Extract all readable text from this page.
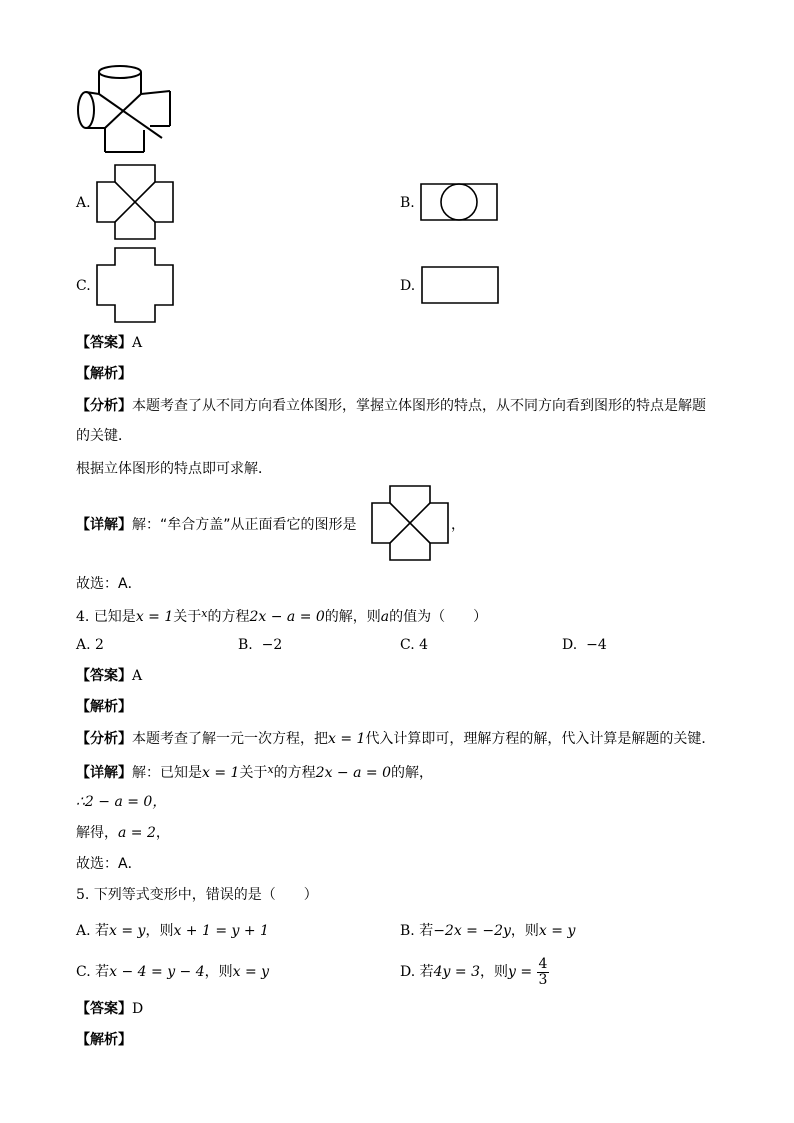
A.	B.
C.	D.
【答案】A
【解析】
【分析】本题考查了从不同方向看立体图形，掌握立体图形的特点，从不同方向看到图形的特点是解题
的关键．
根据立体图形的特点即可求解．
【详解】解：“牟合方盖”从正面看它的图形是	，
故选：A．
4. 已知是x = 1关于$^x$的方程2x − a = 0的解，则a的值为（　　）
A. 2	B. −2	C. 4	D. −4
【答案】A
【解析】
【分析】本题考查了解一元一次方程，把x = 1代入计算即可，理解方程的解，代入计算是解题的关键．
【详解】解：已知是x = 1关于$^x$的方程2x − a = 0的解，
∴2 − a = 0，
解得，a = 2，
故选：A．
5. 下列等式变形中，错误的是（　　）
A. 若x = y，则x + 1 = y + 1	B. 若−2x = −2y，则x = y
C. 若x − 4 = y − 4，则x = y	D. 若4y = 3，则$y = \frac{4}{3}$
【答案】D
【解析】
